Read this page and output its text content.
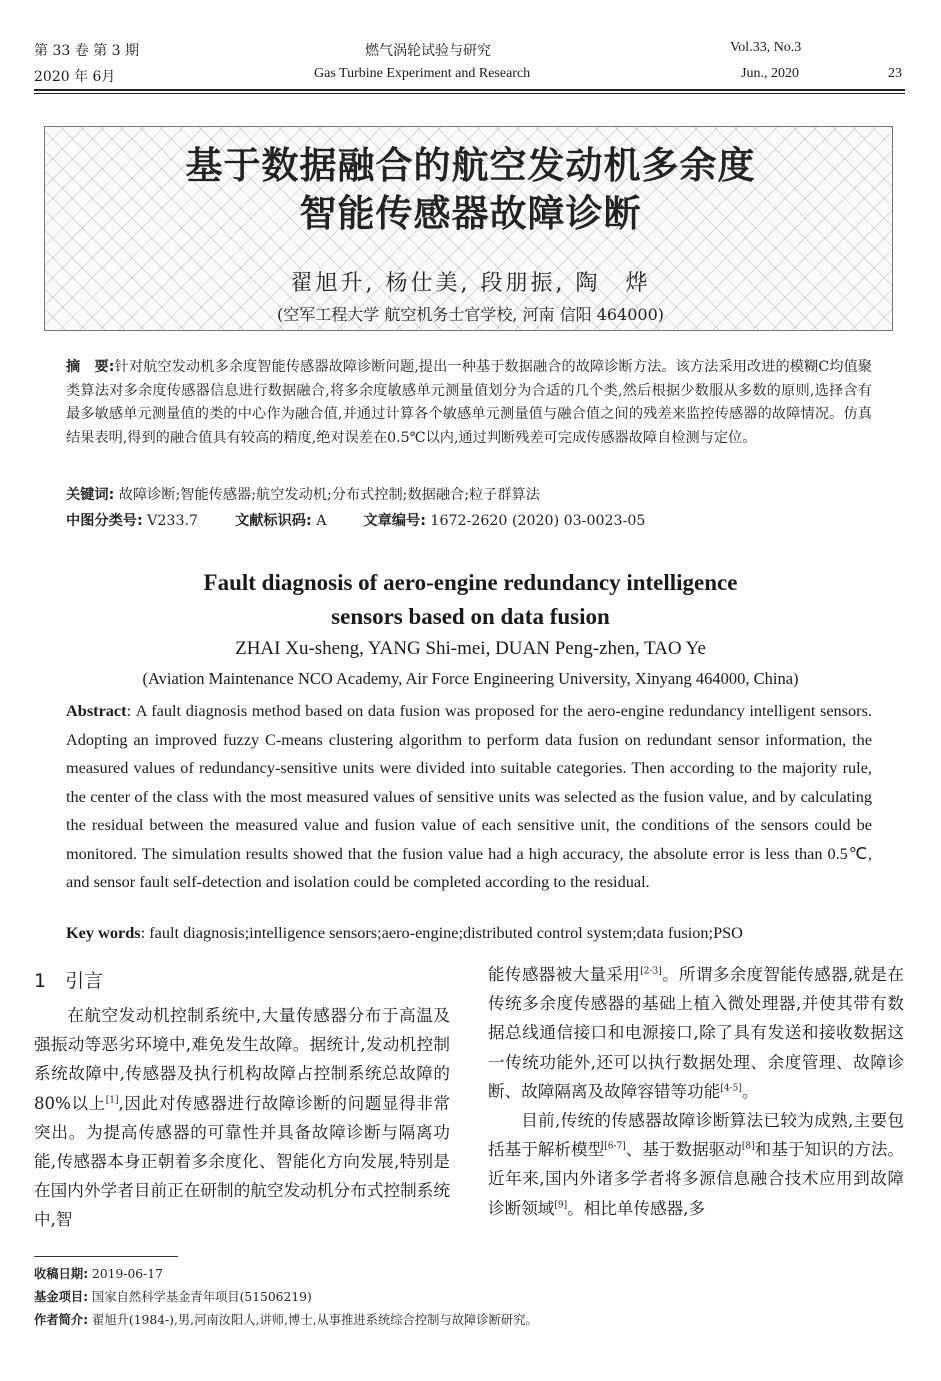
第 33 卷 第 3 期	燃气涡轮试验与研究	Vol.33, No.3
2020 年 6月	Gas Turbine Experiment and Research	Jun., 2020	23
基于数据融合的航空发动机多余度
智能传感器故障诊断
翟旭升, 杨仕美, 段朋振, 陶　烨
(空军工程大学 航空机务士官学校, 河南 信阳 464000)
摘　要:针对航空发动机多余度智能传感器故障诊断问题,提出一种基于数据融合的故障诊断方法。该方法采用改进的模糊C均值聚类算法对多余度传感器信息进行数据融合,将多余度敏感单元测量值划分为合适的几个类,然后根据少数服从多数的原则,选择含有最多敏感单元测量值的类的中心作为融合值,并通过计算各个敏感单元测量值与融合值之间的残差来监控传感器的故障情况。仿真结果表明,得到的融合值具有较高的精度,绝对误差在0.5℃以内,通过判断残差可完成传感器故障自检测与定位。
关键词: 故障诊断;智能传感器;航空发动机;分布式控制;数据融合;粒子群算法
中图分类号: V233.7	文献标识码: A	文章编号: 1672-2620 (2020) 03-0023-05
Fault diagnosis of aero-engine redundancy intelligence
sensors based on data fusion
ZHAI Xu-sheng, YANG Shi-mei, DUAN Peng-zhen, TAO Ye
(Aviation Maintenance NCO Academy, Air Force Engineering University, Xinyang 464000, China)
Abstract: A fault diagnosis method based on data fusion was proposed for the aero-engine redundancy intelligent sensors. Adopting an improved fuzzy C-means clustering algorithm to perform data fusion on redundant sensor information, the measured values of redundancy-sensitive units were divided into suitable categories. Then according to the majority rule, the center of the class with the most measured values of sensitive units was selected as the fusion value, and by calculating the residual between the measured value and fusion value of each sensitive unit, the conditions of the sensors could be monitored. The simulation results showed that the fusion value had a high accuracy, the absolute error is less than 0.5℃, and sensor fault self-detection and isolation could be completed according to the residual.
Key words: fault diagnosis;intelligence sensors;aero-engine;distributed control system;data fusion;PSO
1　引言

在航空发动机控制系统中,大量传感器分布于高温及强振动等恶劣环境中,难免发生故障。据统计,发动机控制系统故障中,传感器及执行机构故障占控制系统总故障的80%以上[1],因此对传感器进行故障诊断的问题显得非常突出。为提高传感器的可靠性并具备故障诊断与隔离功能,传感器本身正朝着多余度化、智能化方向发展,特别是在国内外学者目前正在研制的航空发动机分布式控制系统中,智

能传感器被大量采用[2-3]。所谓多余度智能传感器,就是在传统多余度传感器的基础上植入微处理器,并使其带有数据总线通信接口和电源接口,除了具有发送和接收数据这一传统功能外,还可以执行数据处理、余度管理、故障诊断、故障隔离及故障容错等功能[4-5]。

目前,传统的传感器故障诊断算法已较为成熟,主要包括基于解析模型[6-7]、基于数据驱动[8]和基于知识的方法。近年来,国内外诸多学者将多源信息融合技术应用到故障诊断领域[9]。相比单传感器,多

收稿日期: 2019-06-17
基金项目: 国家自然科学基金青年项目(51506219)
作者简介: 翟旭升(1984-),男,河南汝阳人,讲师,博士,从事推进系统综合控制与故障诊断研究。
